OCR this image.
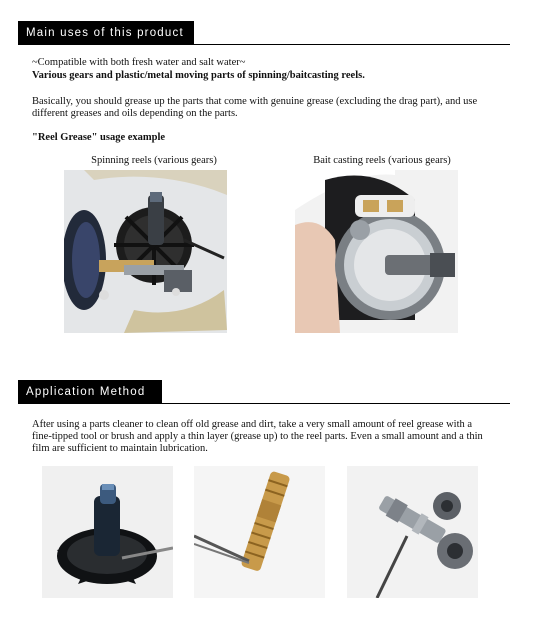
Main uses of this product
~Compatible with both fresh water and salt water~
Various gears and plastic/metal moving parts of spinning/baitcasting reels.
Basically, you should grease up the parts that come with genuine grease (excluding the drag part), and use
different greases and oils depending on the parts.
"Reel Grease" usage example
Spinning reels (various gears)	Bait casting reels (various gears)
Application Method
After using a parts cleaner to clean off old grease and dirt, take a very small amount of reel grease with a
fine-tipped tool or brush and apply a thin layer (grease up) to the reel parts. Even a small amount and a thin
film are sufficient to maintain lubrication.
